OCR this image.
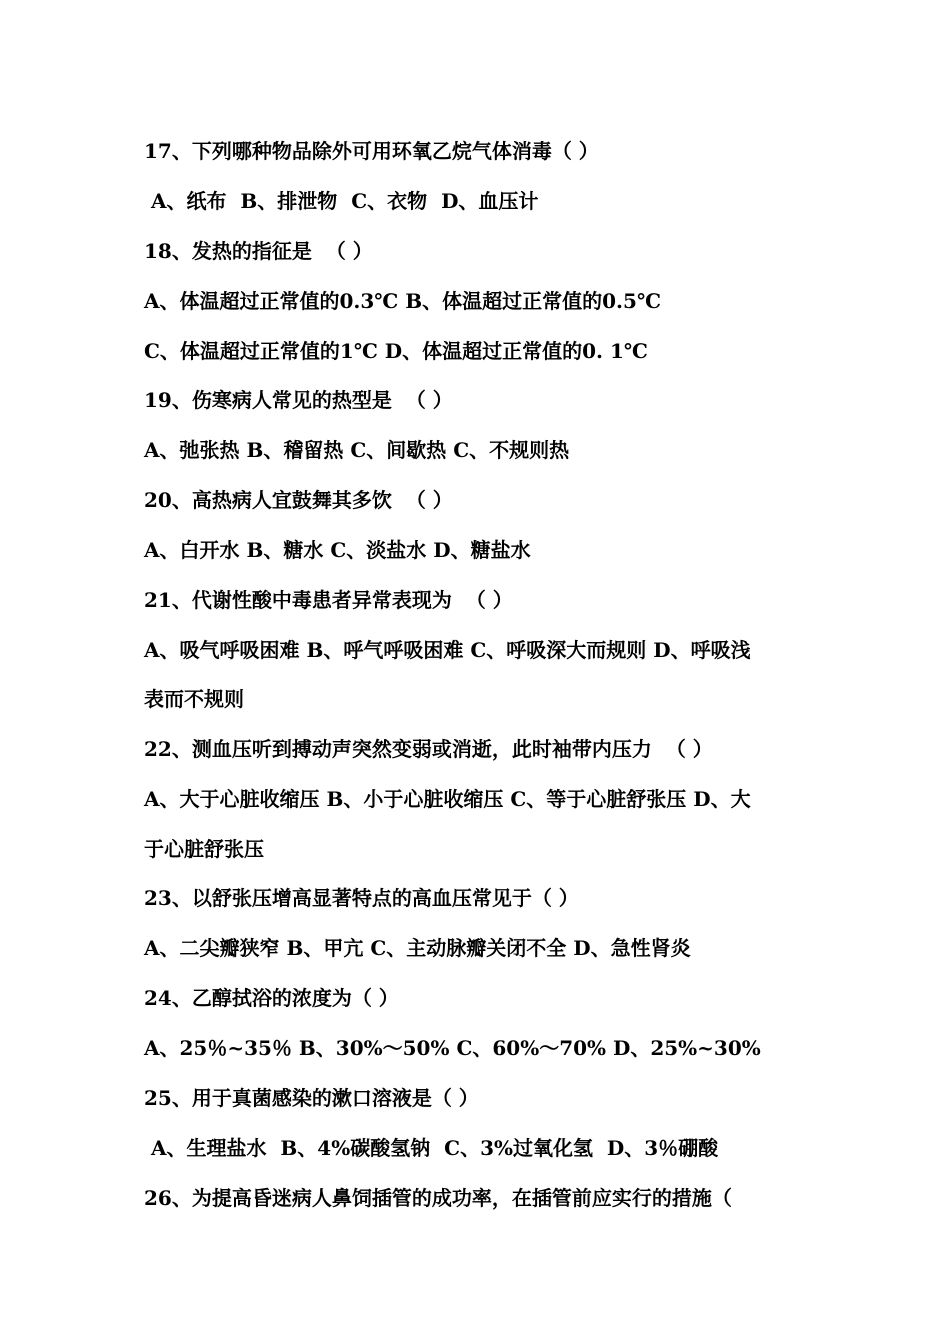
17、下列哪种物品除外可用环氧乙烷气体消毒（ ）
A、纸布  B、排泄物  C、衣物  D、血压计
18、发热的指征是  （ ）
A、体温超过正常值的0.3℃ B、体温超过正常值的0.5℃
C、体温超过正常值的1℃ D、体温超过正常值的0. 1℃
19、伤寒病人常见的热型是  （ ）
A、弛张热 B、稽留热 C、间歇热 C、不规则热
20、高热病人宜鼓舞其多饮  （ ）
A、白开水 B、糖水 C、淡盐水 D、糖盐水
21、代谢性酸中毒患者异常表现为  （ ）
A、吸气呼吸困难 B、呼气呼吸困难 C、呼吸深大而规则 D、呼吸浅
表而不规则
22、测血压听到搏动声突然变弱或消逝，此时袖带内压力  （ ）
A、大于心脏收缩压 B、小于心脏收缩压 C、等于心脏舒张压 D、大
于心脏舒张压
23、以舒张压增高显著特点的高血压常见于（ ）
A、二尖瓣狭窄 B、甲亢 C、主动脉瓣关闭不全 D、急性肾炎
24、乙醇拭浴的浓度为（ ）
A、25％~35％ B、30%～50% C、60%～70% D、25%~30%
25、用于真菌感染的漱口溶液是（ ）
A、生理盐水  B、4%碳酸氢钠  C、3%过氧化氢  D、3％硼酸
26、为提高昏迷病人鼻饲插管的成功率，在插管前应实行的措施（
